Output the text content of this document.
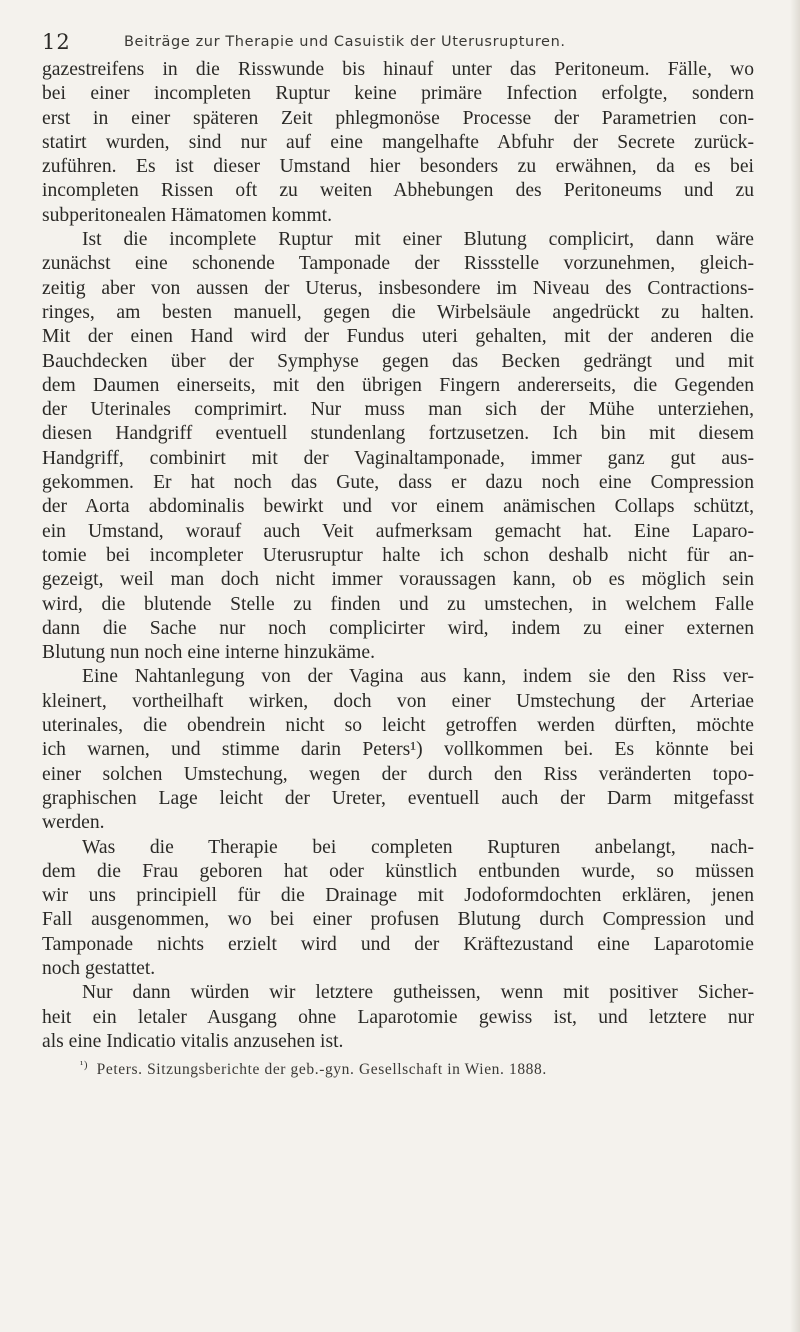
12	Beiträge zur Therapie und Casuistik der Uterusrupturen.
gazestreifens in die Risswunde bis hinauf unter das Peritoneum. Fälle, wo
bei einer incompleten Ruptur keine primäre Infection erfolgte, sondern
erst in einer späteren Zeit phlegmonöse Processe der Parametrien con-
statirt wurden, sind nur auf eine mangelhafte Abfuhr der Secrete zurück-
zuführen. Es ist dieser Umstand hier besonders zu erwähnen, da es bei
incompleten Rissen oft zu weiten Abhebungen des Peritoneums und zu
subperitonealen Hämatomen kommt.
Ist die incomplete Ruptur mit einer Blutung complicirt, dann wäre
zunächst eine schonende Tamponade der Rissstelle vorzunehmen, gleich-
zeitig aber von aussen der Uterus, insbesondere im Niveau des Contractions-
ringes, am besten manuell, gegen die Wirbelsäule angedrückt zu halten.
Mit der einen Hand wird der Fundus uteri gehalten, mit der anderen die
Bauchdecken über der Symphyse gegen das Becken gedrängt und mit
dem Daumen einerseits, mit den übrigen Fingern andererseits, die Gegenden
der Uterinales comprimirt. Nur muss man sich der Mühe unterziehen,
diesen Handgriff eventuell stundenlang fortzusetzen. Ich bin mit diesem
Handgriff, combinirt mit der Vaginaltamponade, immer ganz gut aus-
gekommen. Er hat noch das Gute, dass er dazu noch eine Compression
der Aorta abdominalis bewirkt und vor einem anämischen Collaps schützt,
ein Umstand, worauf auch Veit aufmerksam gemacht hat. Eine Laparo-
tomie bei incompleter Uterusruptur halte ich schon deshalb nicht für an-
gezeigt, weil man doch nicht immer voraussagen kann, ob es möglich sein
wird, die blutende Stelle zu finden und zu umstechen, in welchem Falle
dann die Sache nur noch complicirter wird, indem zu einer externen
Blutung nun noch eine interne hinzukäme.
Eine Nahtanlegung von der Vagina aus kann, indem sie den Riss ver-
kleinert, vortheilhaft wirken, doch von einer Umstechung der Arteriae
uterinales, die obendrein nicht so leicht getroffen werden dürften, möchte
ich warnen, und stimme darin Peters¹) vollkommen bei. Es könnte bei
einer solchen Umstechung, wegen der durch den Riss veränderten topo-
graphischen Lage leicht der Ureter, eventuell auch der Darm mitgefasst
werden.
Was die Therapie bei completen Rupturen anbelangt, nach-
dem die Frau geboren hat oder künstlich entbunden wurde, so müssen
wir uns principiell für die Drainage mit Jodoformdochten erklären, jenen
Fall ausgenommen, wo bei einer profusen Blutung durch Compression und
Tamponade nichts erzielt wird und der Kräftezustand eine Laparotomie
noch gestattet.
Nur dann würden wir letztere gutheissen, wenn mit positiver Sicher-
heit ein letaler Ausgang ohne Laparotomie gewiss ist, und letztere nur
als eine Indicatio vitalis anzusehen ist.
$^{^1)}$ Peters. Sitzungsberichte der geb.-gyn. Gesellschaft in Wien. 1888.
